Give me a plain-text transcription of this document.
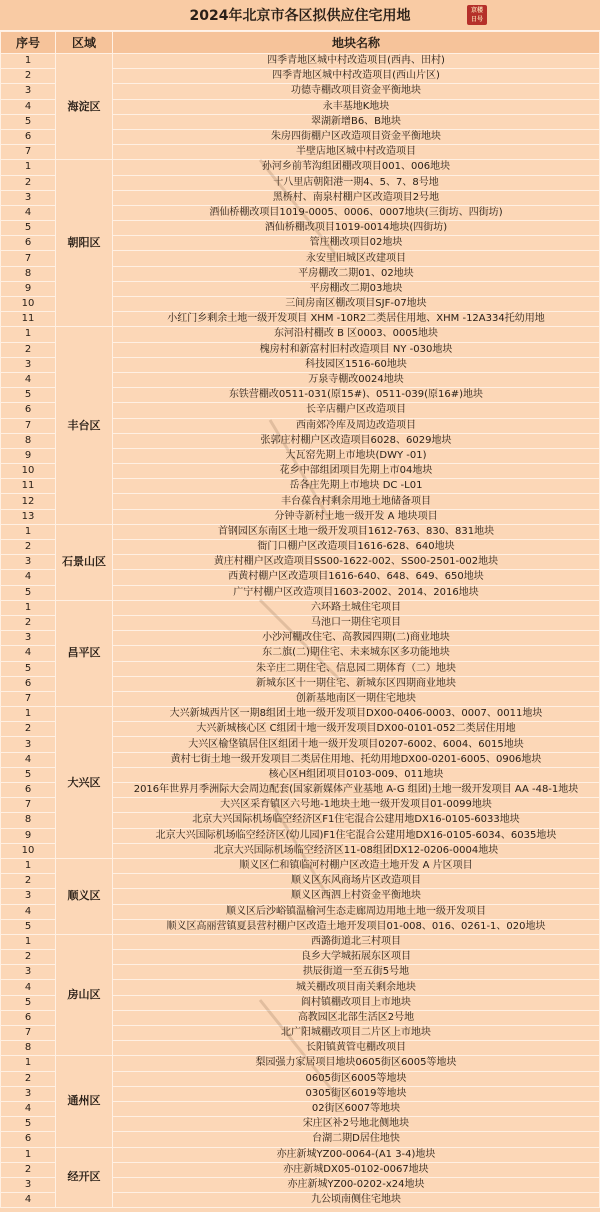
2024年北京市各区拟供应住宅用地	京楼
日号
序号	区域	地块名称
1	海淀区	四季青地区城中村改造项目(西冉、田村)
2		四季青地区城中村改造项目(西山片区)
3		功德寺棚改项目资金平衡地块
4		永丰基地K地块
5		翠湖新增B6、B地块
6		朱房四街棚户区改造项目资金平衡地块
7		半壁店地区城中村改造项目
1	朝阳区	孙河乡前苇沟组团棚改项目001、006地块
2		十八里店朝阳港一期4、5、7、8号地
3		黑桥村、南泉村棚户区改造项目2号地
4		酒仙桥棚改项目1019-0005、0006、0007地块(三街坊、四街坊)
5		酒仙桥棚改项目1019-0014地块(四街坊)
6		管庄棚改项目02地块
7		永安里旧城区改建项目
8		平房棚改二期01、02地块
9		平房棚改二期03地块
10		三间房南区棚改项目SJF-07地块
11		小红门乡剩余土地一级开发项目 XHM -10R2二类居住用地、XHM -12A334托幼用地
1	丰台区	东河沿村棚改 B 区0003、0005地块
2		槐房村和新富村旧村改造项目 NY -030地块
3		科技园区1516-60地块
4		万泉寺棚改0024地块
5		东铁营棚改0511-031(原15#)、0511-039(原16#)地块
6		长辛店棚户区改造项目
7		西南郊冷库及周边改造项目
8		张郭庄村棚户区改造项目6028、6029地块
9		大瓦窑先期上市地块(DWY -01)
10		花乡中部组团项目先期上市04地块
11		岳各庄先期上市地块 DC -L01
12		丰台葆台村剩余用地土地储备项目
13		分钟寺新村土地一级开发 A 地块项目
1	石景山区	首钢园区东南区土地一级开发项目1612-763、830、831地块
2		衙门口棚户区改造项目1616-628、640地块
3		黄庄村棚户区改造项目SS00-1622-002、SS00-2501-002地块
4		西黄村棚户区改造项目1616-640、648、649、650地块
5		广宁村棚户区改造项目1603-2002、2014、2016地块
1	昌平区	六环路土城住宅项目
2		马池口一期住宅项目
3		小沙河棚改住宅、高教园四期(二)商业地块
4		东二旗(二)期住宅、未来城东区多功能地块
5		朱辛庄二期住宅、信息园二期体育（二）地块
6		新城东区十一期住宅、新城东区四期商业地块
7		创新基地南区一期住宅地块
1	大兴区	大兴新城西片区一期8组团土地一级开发项目DX00-0406-0003、0007、0011地块
2		大兴新城核心区 C组团十地一级开发项目DX00-0101-052二类居住用地
3		大兴区榆垡镇居住区组团十地一级开发项目0207-6002、6004、6015地块
4		黄村七街土地一级开发项目二类居住用地、托幼用地DX00-0201-6005、0906地块
5		核心区H组团项目0103-009、011地块
6		2016年世界月季洲际大会周边配套(国家新媒体产业基地 A-G 组团)土地一级开发项目 AA -48-1地块
7		大兴区采育镇区六号地-1地块土地一级开发项目01-0099地块
8		北京大兴国际机场临空经济区F1住宅混合公建用地DX16-0105-6033地块
9		北京大兴国际机场临空经济区(幼儿园)F1住宅混合公建用地DX16-0105-6034、6035地块
10		北京大兴国际机场临空经济区11-08组团DX12-0206-0004地块
1	顺义区	顺义区仁和镇临河村棚户区改造土地开发 A 片区项目
2		顺义区东风商场片区改造项目
3		顺义区西泗上村资金平衡地块
4		顺义区后沙峪镇温榆河生态走廊周边用地土地一级开发项目
5		顺义区高丽营镇夏县营村棚户区改造土地开发项目01-008、016、0261-1、020地块
1	房山区	西潞街道北三村项目
2		良乡大学城拓展东区项目
3		拱辰街道一至五街5号地
4		城关棚改项目南关剩余地块
5		阎村镇棚改项目上市地块
6		高教园区北部生活区2号地
7		北广阳城棚改项目二片区上市地块
8		长阳镇黄管屯棚改项目
1	通州区	梨园强力家居项目地块0605街区6005等地块
2		0605街区6005等地块
3		0305街区6019等地块
4		02街区6007等地块
5		宋庄区补2号地北侧地块
6		台湖二期D居住地快
1	经开区	亦庄新城YZ00-0064-(A1 3-4)地块
2		亦庄新城DX05-0102-0067地块
3		亦庄新城YZ00-0202-x24地块
4		九公顷南侧住宅地块
